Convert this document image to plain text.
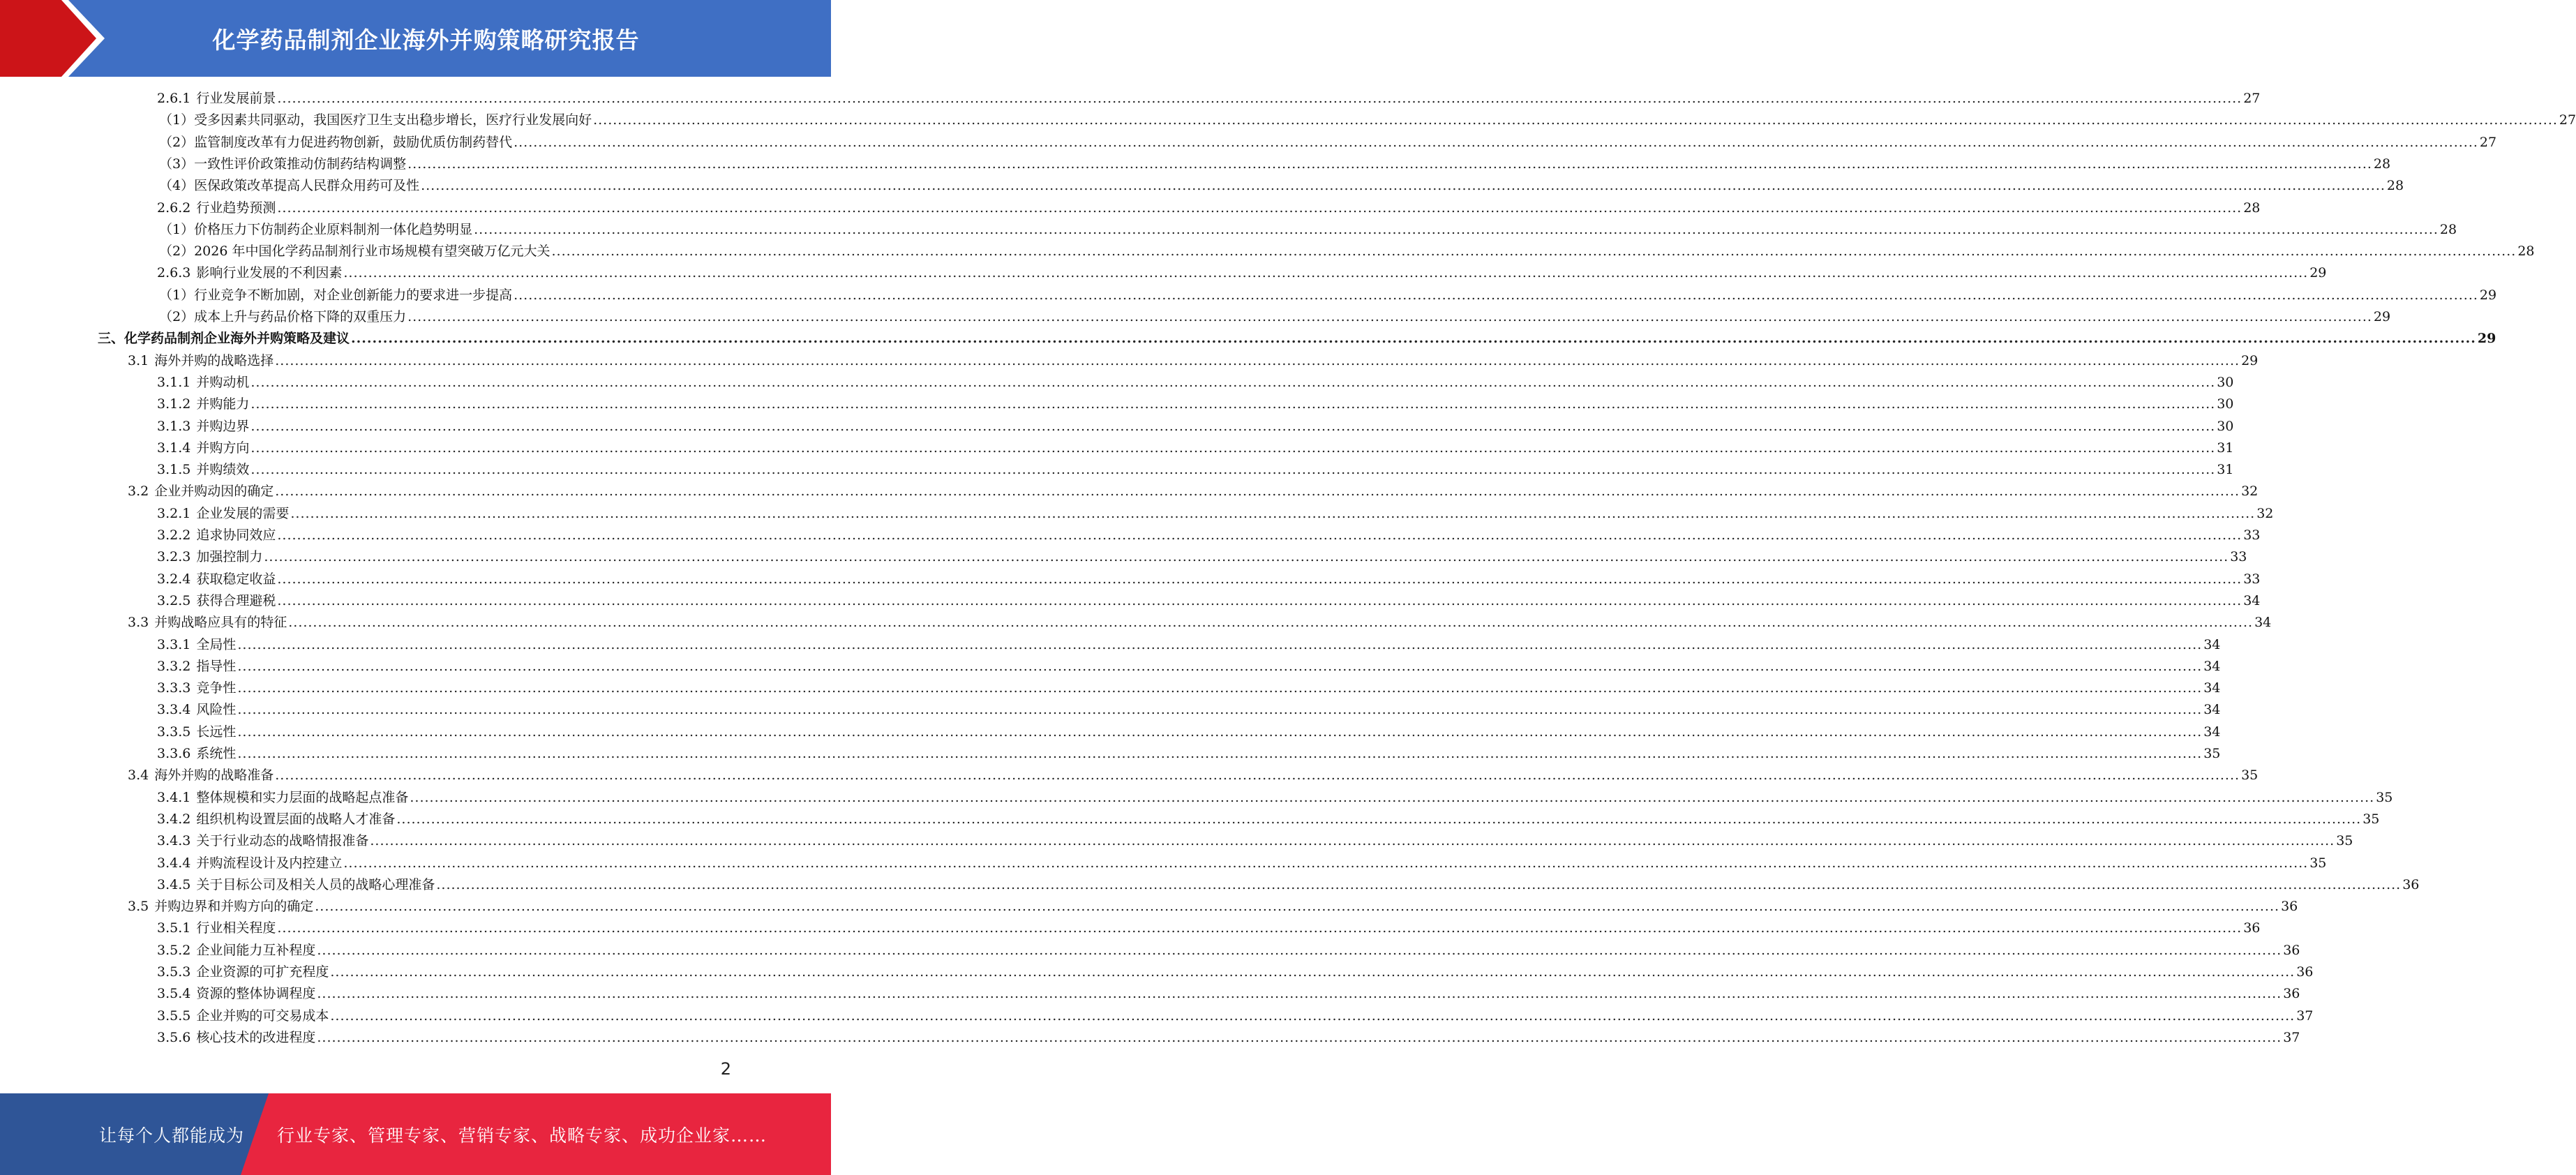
化学药品制剂企业海外并购策略研究报告
2.6.1 行业发展前景 ................................................................................................................................................................................................................................................................................................................................................................................................................ 27
（1）受多因素共同驱动，我国医疗卫生支出稳步增长，医疗行业发展向好 ................................................................................................................................................................................................................................................................................................................................................................................................................ 27
（2）监管制度改革有力促进药物创新，鼓励优质仿制药替代 ................................................................................................................................................................................................................................................................................................................................................................................................................ 27
（3）一致性评价政策推动仿制药结构调整 ................................................................................................................................................................................................................................................................................................................................................................................................................ 28
（4）医保政策改革提高人民群众用药可及性 ................................................................................................................................................................................................................................................................................................................................................................................................................ 28
2.6.2 行业趋势预测 ................................................................................................................................................................................................................................................................................................................................................................................................................ 28
（1）价格压力下仿制药企业原料制剂一体化趋势明显 ................................................................................................................................................................................................................................................................................................................................................................................................................ 28
（2）2026 年中国化学药品制剂行业市场规模有望突破万亿元大关 ................................................................................................................................................................................................................................................................................................................................................................................................................ 28
2.6.3 影响行业发展的不利因素 ................................................................................................................................................................................................................................................................................................................................................................................................................ 29
（1）行业竞争不断加剧，对企业创新能力的要求进一步提高 ................................................................................................................................................................................................................................................................................................................................................................................................................ 29
（2）成本上升与药品价格下降的双重压力 ................................................................................................................................................................................................................................................................................................................................................................................................................ 29
三、化学药品制剂企业海外并购策略及建议 ................................................................................................................................................................................................................................................................................................................................................................................................................ 29
3.1 海外并购的战略选择 ................................................................................................................................................................................................................................................................................................................................................................................................................ 29
3.1.1 并购动机 ................................................................................................................................................................................................................................................................................................................................................................................................................ 30
3.1.2 并购能力 ................................................................................................................................................................................................................................................................................................................................................................................................................ 30
3.1.3 并购边界 ................................................................................................................................................................................................................................................................................................................................................................................................................ 30
3.1.4 并购方向 ................................................................................................................................................................................................................................................................................................................................................................................................................ 31
3.1.5 并购绩效 ................................................................................................................................................................................................................................................................................................................................................................................................................ 31
3.2 企业并购动因的确定 ................................................................................................................................................................................................................................................................................................................................................................................................................ 32
3.2.1 企业发展的需要 ................................................................................................................................................................................................................................................................................................................................................................................................................ 32
3.2.2 追求协同效应 ................................................................................................................................................................................................................................................................................................................................................................................................................ 33
3.2.3 加强控制力 ................................................................................................................................................................................................................................................................................................................................................................................................................ 33
3.2.4 获取稳定收益 ................................................................................................................................................................................................................................................................................................................................................................................................................ 33
3.2.5 获得合理避税 ................................................................................................................................................................................................................................................................................................................................................................................................................ 34
3.3 并购战略应具有的特征 ................................................................................................................................................................................................................................................................................................................................................................................................................ 34
3.3.1 全局性 ................................................................................................................................................................................................................................................................................................................................................................................................................ 34
3.3.2 指导性 ................................................................................................................................................................................................................................................................................................................................................................................................................ 34
3.3.3 竞争性 ................................................................................................................................................................................................................................................................................................................................................................................................................ 34
3.3.4 风险性 ................................................................................................................................................................................................................................................................................................................................................................................................................ 34
3.3.5 长远性 ................................................................................................................................................................................................................................................................................................................................................................................................................ 34
3.3.6 系统性 ................................................................................................................................................................................................................................................................................................................................................................................................................ 35
3.4 海外并购的战略准备 ................................................................................................................................................................................................................................................................................................................................................................................................................ 35
3.4.1 整体规模和实力层面的战略起点准备 ................................................................................................................................................................................................................................................................................................................................................................................................................ 35
3.4.2 组织机构设置层面的战略人才准备 ................................................................................................................................................................................................................................................................................................................................................................................................................ 35
3.4.3 关于行业动态的战略情报准备 ................................................................................................................................................................................................................................................................................................................................................................................................................ 35
3.4.4 并购流程设计及内控建立 ................................................................................................................................................................................................................................................................................................................................................................................................................ 35
3.4.5 关于目标公司及相关人员的战略心理准备 ................................................................................................................................................................................................................................................................................................................................................................................................................ 36
3.5 并购边界和并购方向的确定 ................................................................................................................................................................................................................................................................................................................................................................................................................ 36
3.5.1 行业相关程度 ................................................................................................................................................................................................................................................................................................................................................................................................................ 36
3.5.2 企业间能力互补程度 ................................................................................................................................................................................................................................................................................................................................................................................................................ 36
3.5.3 企业资源的可扩充程度 ................................................................................................................................................................................................................................................................................................................................................................................................................ 36
3.5.4 资源的整体协调程度 ................................................................................................................................................................................................................................................................................................................................................................................................................ 36
3.5.5 企业并购的可交易成本 ................................................................................................................................................................................................................................................................................................................................................................................................................ 37
3.5.6 核心技术的改进程度 ................................................................................................................................................................................................................................................................................................................................................................................................................ 37
2
让每个人都能成为 行业专家、管理专家、营销专家、战略专家、成功企业家……
